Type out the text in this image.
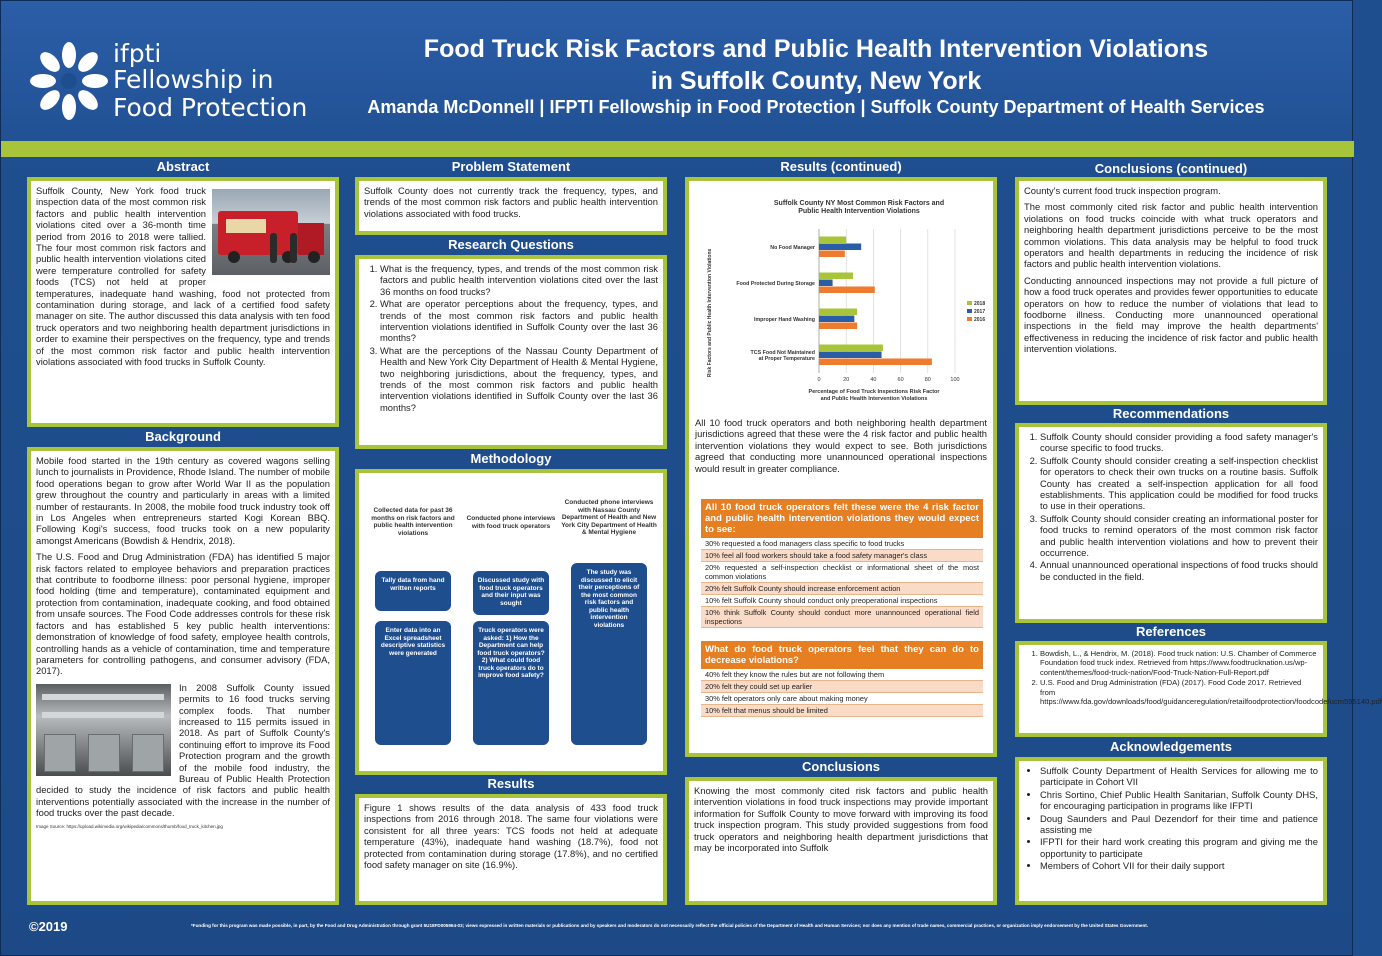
ifpti
Fellowship in
Food Protection
Food Truck Risk Factors and Public Health Intervention Violations
in Suffolk County, New York
Amanda McDonnell | IFPTI Fellowship in Food Protection | Suffolk County Department of Health Services
Abstract

Suffolk County, New York food truck inspection data of the most common risk factors and public health intervention violations cited over a 36-month time period from 2016 to 2018 were tallied. The four most common risk factors and public health intervention violations cited were temperature controlled for safety foods (TCS) not held at proper temperatures, inadequate hand washing, food not protected from contamination during storage, and lack of a certified food safety manager on site. The author discussed this data analysis with ten food truck operators and two neighboring health department jurisdictions in order to examine their perspectives on the frequency, type and trends of the most common risk factor and public health intervention violations associated with food trucks in Suffolk County.

Background

Mobile food started in the 19th century as covered wagons selling lunch to journalists in Providence, Rhode Island. The number of mobile food operations began to grow after World War II as the population grew throughout the country and particularly in areas with a limited number of restaurants. In 2008, the mobile food truck industry took off in Los Angeles when entrepreneurs started Kogi Korean BBQ. Following Kogi's success, food trucks took on a new popularity amongst Americans (Bowdish & Hendrix, 2018).

The U.S. Food and Drug Administration (FDA) has identified 5 major risk factors related to employee behaviors and preparation practices that contribute to foodborne illness: poor personal hygiene, improper food holding (time and temperature), contaminated equipment and protection from contamination, inadequate cooking, and food obtained from unsafe sources. The Food Code addresses controls for these risk factors and has established 5 key public health interventions: demonstration of knowledge of food safety, employee health controls, controlling hands as a vehicle of contamination, time and temperature parameters for controlling pathogens, and consumer advisory (FDA, 2017).

In 2008 Suffolk County issued permits to 16 food trucks serving complex foods. That number increased to 115 permits issued in 2018. As part of Suffolk County's continuing effort to improve its Food Protection program and the growth of the mobile food industry, the Bureau of Public Health Protection decided to study the incidence of risk factors and public health interventions potentially associated with the increase in the number of food trucks over the past decade.

Image Source: https://upload.wikimedia.org/wikipedia/commons/thumb/food_truck_kitchen.jpg
Problem Statement

Suffolk County does not currently track the frequency, types, and trends of the most common risk factors and public health intervention violations associated with food trucks.

Research Questions
1. What is the frequency, types, and trends of the most common risk factors and public health intervention violations cited over the last 36 months on food trucks?
2. What are operator perceptions about the frequency, types, and trends of the most common risk factors and public health intervention violations identified in Suffolk County over the last 36 months?
3. What are the perceptions of the Nassau County Department of Health and New York City Department of Health & Mental Hygiene, two neighboring jurisdictions, about the frequency, types, and trends of the most common risk factors and public health intervention violations identified in Suffolk County over the last 36 months?
Methodology
Collected data for past 36 months on risk factors and public health intervention violations
Tally data from hand written reports
Enter data into an Excel spreadsheet descriptive statistics were generated
Conducted phone interviews with food truck operators
Discussed study with food truck operators and their input was sought
Truck operators were asked: 1) How the Department can help food truck operators? 2) What could food truck operators do to improve food safety?
Conducted phone interviews with Nassau County Department of Health and New York City Department of Health & Mental Hygiene
The study was discussed to elicit their perceptions of the most common risk factors and public health intervention violations
Results

Figure 1 shows results of the data analysis of 433 food truck inspections from 2016 through 2018. The same four violations were consistent for all three years: TCS foods not held at adequate temperature (43%), inadequate hand washing (18.7%), food not protected from contamination during storage (17.8%), and no certified food safety manager on site (16.9%).

Results (continued)
Suffolk County NY Most Common Risk Factors and Public Health Intervention Violations
Risk Factors and Public Health Intervention Violations
0	20	40	60	80	100
No Food Manager
Food Protected During Storage
Improper Hand Washing
TCS Food Not Maintained at Proper Temperature
2018
2017
2016
Percentage of Food Truck Inspections Risk Factor and Public Health Intervention Violations
All 10 food truck operators and both neighboring health department jurisdictions agreed that these were the 4 risk factor and public health intervention violations they would expect to see. Both jurisdictions agreed that conducting more unannounced operational inspections would result in greater compliance.
All 10 food truck operators felt these were the 4 risk factor and public health intervention violations they would expect to see:
30% requested a food managers class specific to food trucks
10% feel all food workers should take a food safety manager's class
20% requested a self-inspection checklist or informational sheet of the most common violations
20% felt Suffolk County should increase enforcement action
10% felt Suffolk County should conduct only preoperational inspections
10% think Suffolk County should conduct more unannounced operational field inspections
What do food truck operators feel that they can do to decrease violations?
40% felt they know the rules but are not following them
20% felt they could set up earlier
30% felt operators only care about making money
10% felt that menus should be limited
Conclusions

Knowing the most commonly cited risk factors and public health intervention violations in food truck inspections may provide important information for Suffolk County to move forward with improving its food truck inspection program. This study provided suggestions from food truck operators and neighboring health department jurisdictions that may be incorporated into Suffolk

Conclusions (continued)

County's current food truck inspection program.

The most commonly cited risk factor and public health intervention violations on food trucks coincide with what truck operators and neighboring health department jurisdictions perceive to be the most common violations. This data analysis may be helpful to food truck operators and health departments in reducing the incidence of risk factors and public health intervention violations.

Conducting announced inspections may not provide a full picture of how a food truck operates and provides fewer opportunities to educate operators on how to reduce the number of violations that lead to foodborne illness. Conducting more unannounced operational inspections in the field may improve the health departments' effectiveness in reducing the incidence of risk factor and public health intervention violations.

Recommendations
1. Suffolk County should consider providing a food safety manager's course specific to food trucks.
2. Suffolk County should consider creating a self-inspection checklist for operators to check their own trucks on a routine basis. Suffolk County has created a self-inspection application for all food establishments. This application could be modified for food trucks to use in their operations.
3. Suffolk County should consider creating an informational poster for food trucks to remind operators of the most common risk factor and public health intervention violations and how to prevent their occurrence.
4. Annual unannounced operational inspections of food trucks should be conducted in the field.
References
1. Bowdish, L., & Hendrix, M. (2018). Food truck nation: U.S. Chamber of Commerce Foundation food truck index. Retrieved from https://www.foodtrucknation.us/wp-content/themes/food-truck-nation/Food-Truck-Nation-Full-Report.pdf
2. U.S. Food and Drug Administration (FDA) (2017). Food Code 2017. Retrieved from https://www.fda.gov/downloads/food/guidanceregulation/retailfoodprotection/foodcode/ucm595140.pdf
Acknowledgements
• Suffolk County Department of Health Services for allowing me to participate in Cohort VII
• Chris Sortino, Chief Public Health Sanitarian, Suffolk County DHS, for encouraging participation in programs like IFPTI
• Doug Saunders and Paul Dezendorf for their time and patience assisting me
• IFPTI for their hard work creating this program and giving me the opportunity to participate
• Members of Cohort VII for their daily support
©2019	*Funding for this program was made possible, in part, by the Food and Drug Administration through grant 5U18FD005964-03; views expressed in written materials or publications and by speakers and moderators do not necessarily reflect the official policies of the Department of Health and Human Services; nor does any mention of trade names, commercial practices, or organization imply endorsement by the United States Government.
